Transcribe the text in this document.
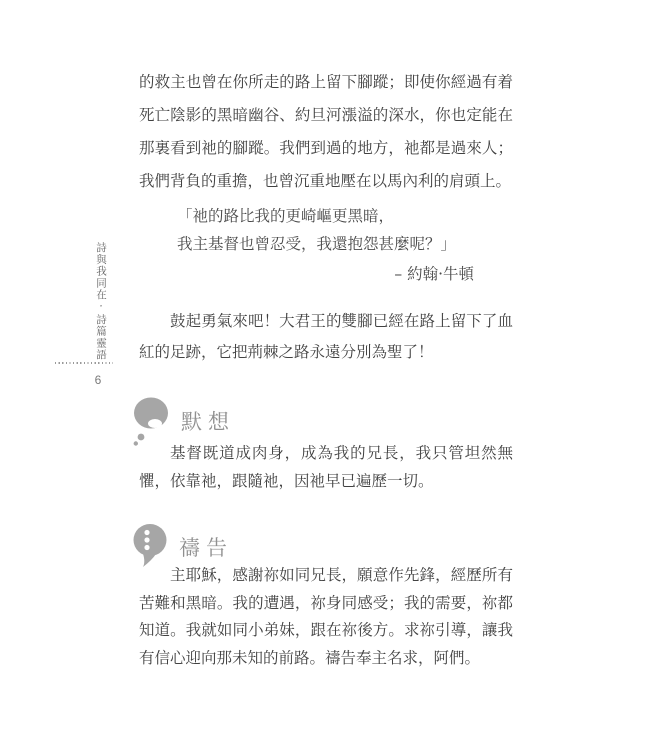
詩與我同在·詩篇靈語
6

的救主也曾在你所走的路上留下腳蹤；即使你經過有着死亡陰影的黑暗幽谷、約旦河漲溢的深水，你也定能在那裏看到祂的腳蹤。我們到過的地方，祂都是過來人；我們背負的重擔，也曾沉重地壓在以馬內利的肩頭上。

「祂的路比我的更崎嶇更黑暗，
我主基督也曾忍受，我還抱怨甚麼呢？」
– 約翰·牛頓

鼓起勇氣來吧！大君王的雙腳已經在路上留下了血紅的足跡，它把荊棘之路永遠分別為聖了！

默想

基督既道成肉身，成為我的兄長，我只管坦然無懼，依靠祂，跟隨祂，因祂早已遍歷一切。

禱告

主耶穌，感謝祢如同兄長，願意作先鋒，經歷所有苦難和黑暗。我的遭遇，祢身同感受；我的需要，祢都知道。我就如同小弟妹，跟在祢後方。求祢引導，讓我有信心迎向那未知的前路。禱告奉主名求，阿們。
